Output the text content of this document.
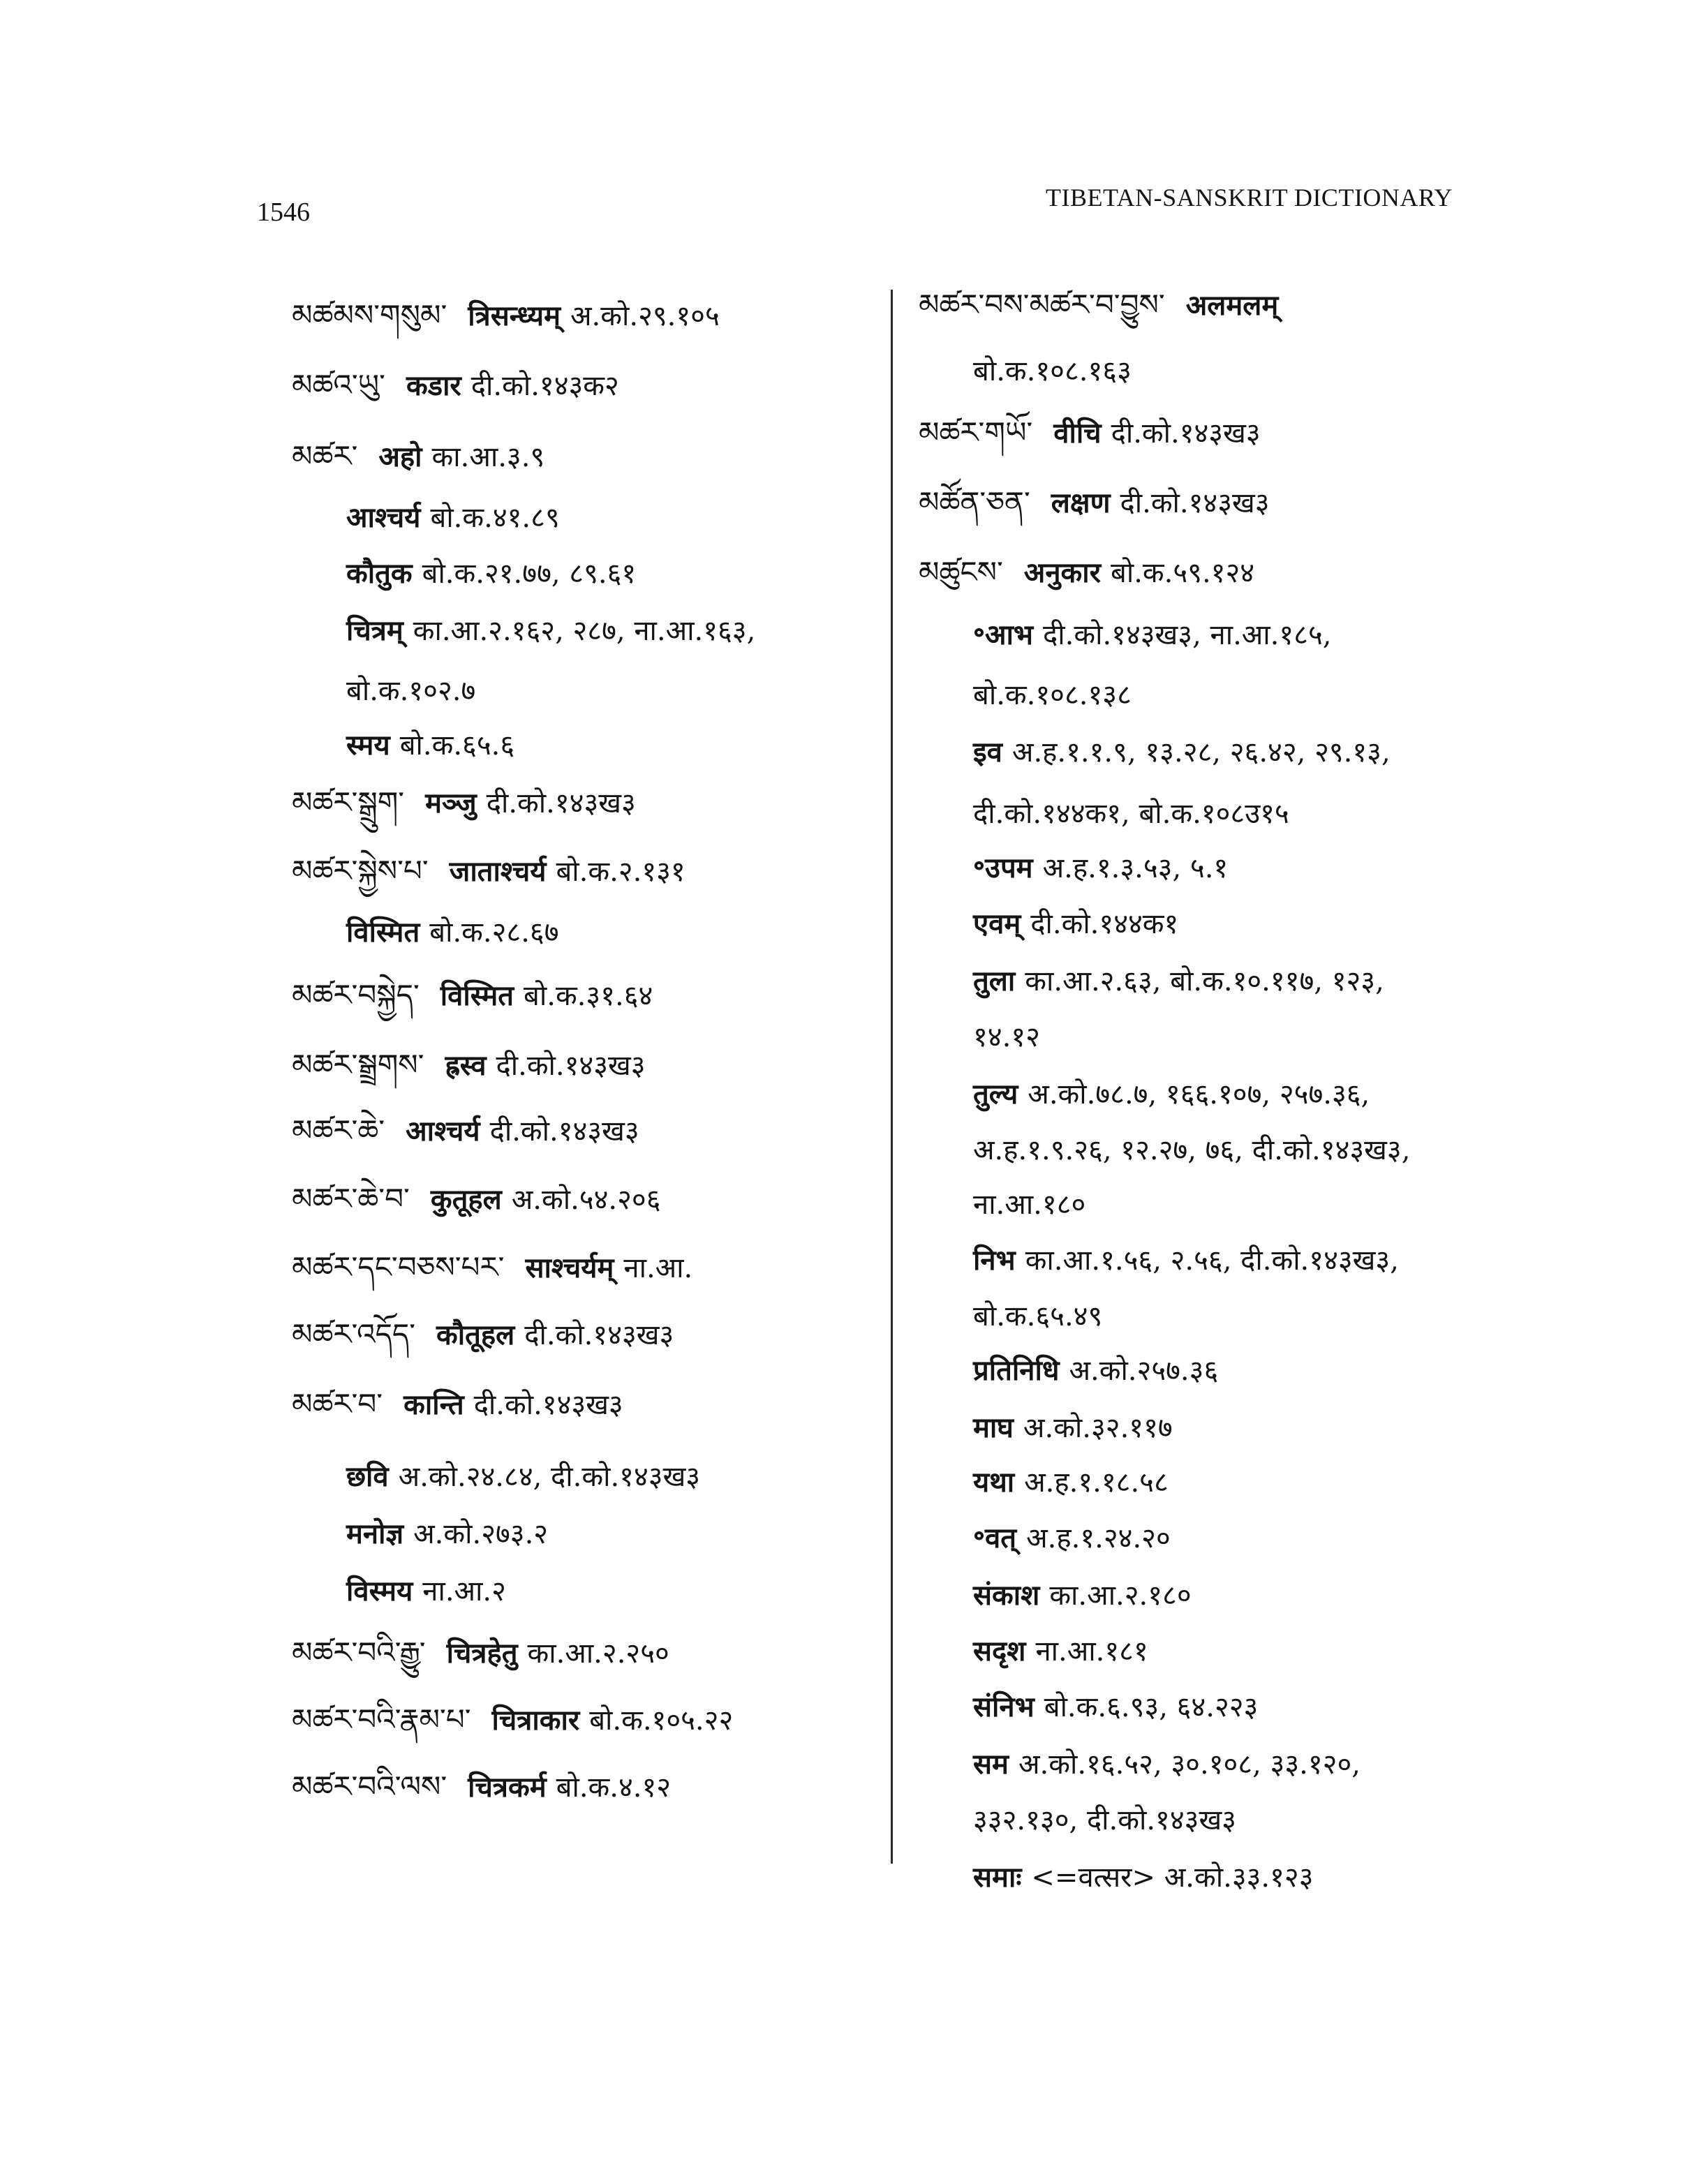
1546	TIBETAN-SANSKRIT DICTIONARY
མཚམས་གསུམ་ त्रिसन्ध्यम् अ.को.२९.१०५
མཚའ་ཡུ་ कडार दी.को.१४३क२
མཚར་ अहो का.आ.३.९
आश्चर्य बो.क.४१.८९
कौतुक बो.क.२१.७७, ८९.६१
चित्रम् का.आ.२.१६२, २८७, ना.आ.१६३,
बो.क.१०२.७
स्मय बो.क.६५.६
མཚར་སྒྲུག་ मञ्जु दी.को.१४३ख३
མཚར་སྐྱེས་པ་ जाताश्चर्य बो.क.२.१३१
विस्मित बो.क.२८.६७
མཚར་བསྐྱེད་ विस्मित बो.क.३१.६४
མཚར་སྒྲྲགས་ ह्रस्व दी.को.१४३ख३
མཚར་ཆེ་ आश्चर्य दी.को.१४३ख३
མཚར་ཆེ་བ་ कुतूहल अ.को.५४.२०६
མཚར་དང་བཅས་པར་ साश्चर्यम् ना.आ.
མཚར་འདོད་ कौतूहल दी.को.१४३ख३
མཚར་བ་ कान्ति दी.को.१४३ख३
छवि अ.को.२४.८४, दी.को.१४३ख३
मनोज्ञ अ.को.२७३.२
विस्मय ना.आ.२
མཚར་བའི་རྒྱུ་ चित्रहेतु का.आ.२.२५०
མཚར་བའི་རྣམ་པ་ चित्राकार बो.क.१०५.२२
མཚར་བའི་ལས་ चित्रकर्म बो.क.४.१२
མཚར་བས་མཚར་བ་བྱུས་ अलमलम्
बो.क.१०८.१६३
མཚར་གཡོ་ वीचि दी.को.१४३ख३
མཚོན་ཅན་ लक्षण दी.को.१४३ख३
མཚུངས་ अनुकार बो.क.५९.१२४
॰आभ दी.को.१४३ख३, ना.आ.१८५,
बो.क.१०८.१३८
इव अ.ह.१.१.९, १३.२८, २६.४२, २९.१३,
दी.को.१४४क१, बो.क.१०८उ१५
॰उपम अ.ह.१.३.५३, ५.१
एवम् दी.को.१४४क१
तुला का.आ.२.६३, बो.क.१०.११७, १२३,
१४.१२
तुल्य अ.को.७८.७, १६६.१०७, २५७.३६,
अ.ह.१.९.२६, १२.२७, ७६, दी.को.१४३ख३,
ना.आ.१८०
निभ का.आ.१.५६, २.५६, दी.को.१४३ख३,
बो.क.६५.४९
प्रतिनिधि अ.को.२५७.३६
माघ अ.को.३२.११७
यथा अ.ह.१.१८.५८
॰वत् अ.ह.१.२४.२०
संकाश का.आ.२.१८०
सदृश ना.आ.१८१
संनिभ बो.क.६.९३, ६४.२२३
सम अ.को.१६.५२, ३०.१०८, ३३.१२०,
३३२.१३०, दी.को.१४३ख३
समाः <=वत्सर> अ.को.३३.१२३
